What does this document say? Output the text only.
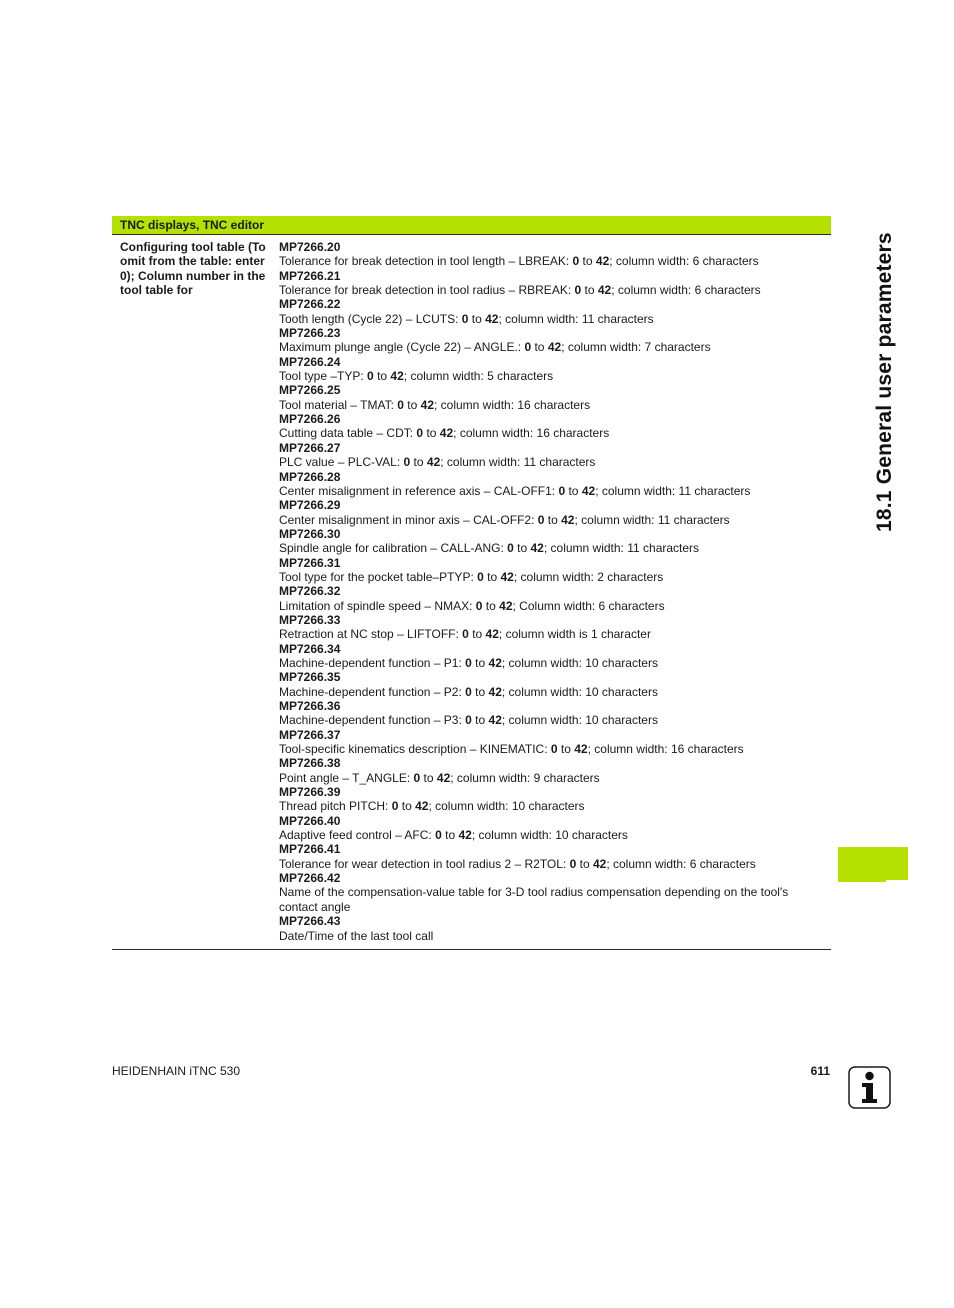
18.1 General user parameters
TNC displays, TNC editor
Configuring tool table (To omit from the table: enter 0); Column number in the tool table for
MP7266.20
Tolerance for break detection in tool length – LBREAK: 0 to 42; column width: 6 characters
MP7266.21
Tolerance for break detection in tool radius – RBREAK: 0 to 42; column width: 6 characters
MP7266.22
Tooth length (Cycle 22) – LCUTS: 0 to 42; column width: 11 characters
MP7266.23
Maximum plunge angle (Cycle 22) – ANGLE.: 0 to 42; column width: 7 characters
MP7266.24
Tool type –TYP: 0 to 42; column width: 5 characters
MP7266.25
Tool material – TMAT: 0 to 42; column width: 16 characters
MP7266.26
Cutting data table – CDT: 0 to 42; column width: 16 characters
MP7266.27
PLC value – PLC-VAL: 0 to 42; column width: 11 characters
MP7266.28
Center misalignment in reference axis – CAL-OFF1: 0 to 42; column width: 11 characters
MP7266.29
Center misalignment in minor axis – CAL-OFF2: 0 to 42; column width: 11 characters
MP7266.30
Spindle angle for calibration – CALL-ANG: 0 to 42; column width: 11 characters
MP7266.31
Tool type for the pocket table–PTYP: 0 to 42; column width: 2 characters
MP7266.32
Limitation of spindle speed – NMAX: 0 to 42; Column width: 6 characters
MP7266.33
Retraction at NC stop – LIFTOFF: 0 to 42; column width is 1 character
MP7266.34
Machine-dependent function – P1: 0 to 42; column width: 10 characters
MP7266.35
Machine-dependent function – P2: 0 to 42; column width: 10 characters
MP7266.36
Machine-dependent function – P3: 0 to 42; column width: 10 characters
MP7266.37
Tool-specific kinematics description – KINEMATIC: 0 to 42; column width: 16 characters
MP7266.38
Point angle – T_ANGLE: 0 to 42; column width: 9 characters
MP7266.39
Thread pitch PITCH: 0 to 42; column width: 10 characters
MP7266.40
Adaptive feed control – AFC: 0 to 42; column width: 10 characters
MP7266.41
Tolerance for wear detection in tool radius 2 – R2TOL: 0 to 42; column width: 6 characters
MP7266.42
Name of the compensation-value table for 3-D tool radius compensation depending on the tool's contact angle
MP7266.43
Date/Time of the last tool call
HEIDENHAIN iTNC 530	611
